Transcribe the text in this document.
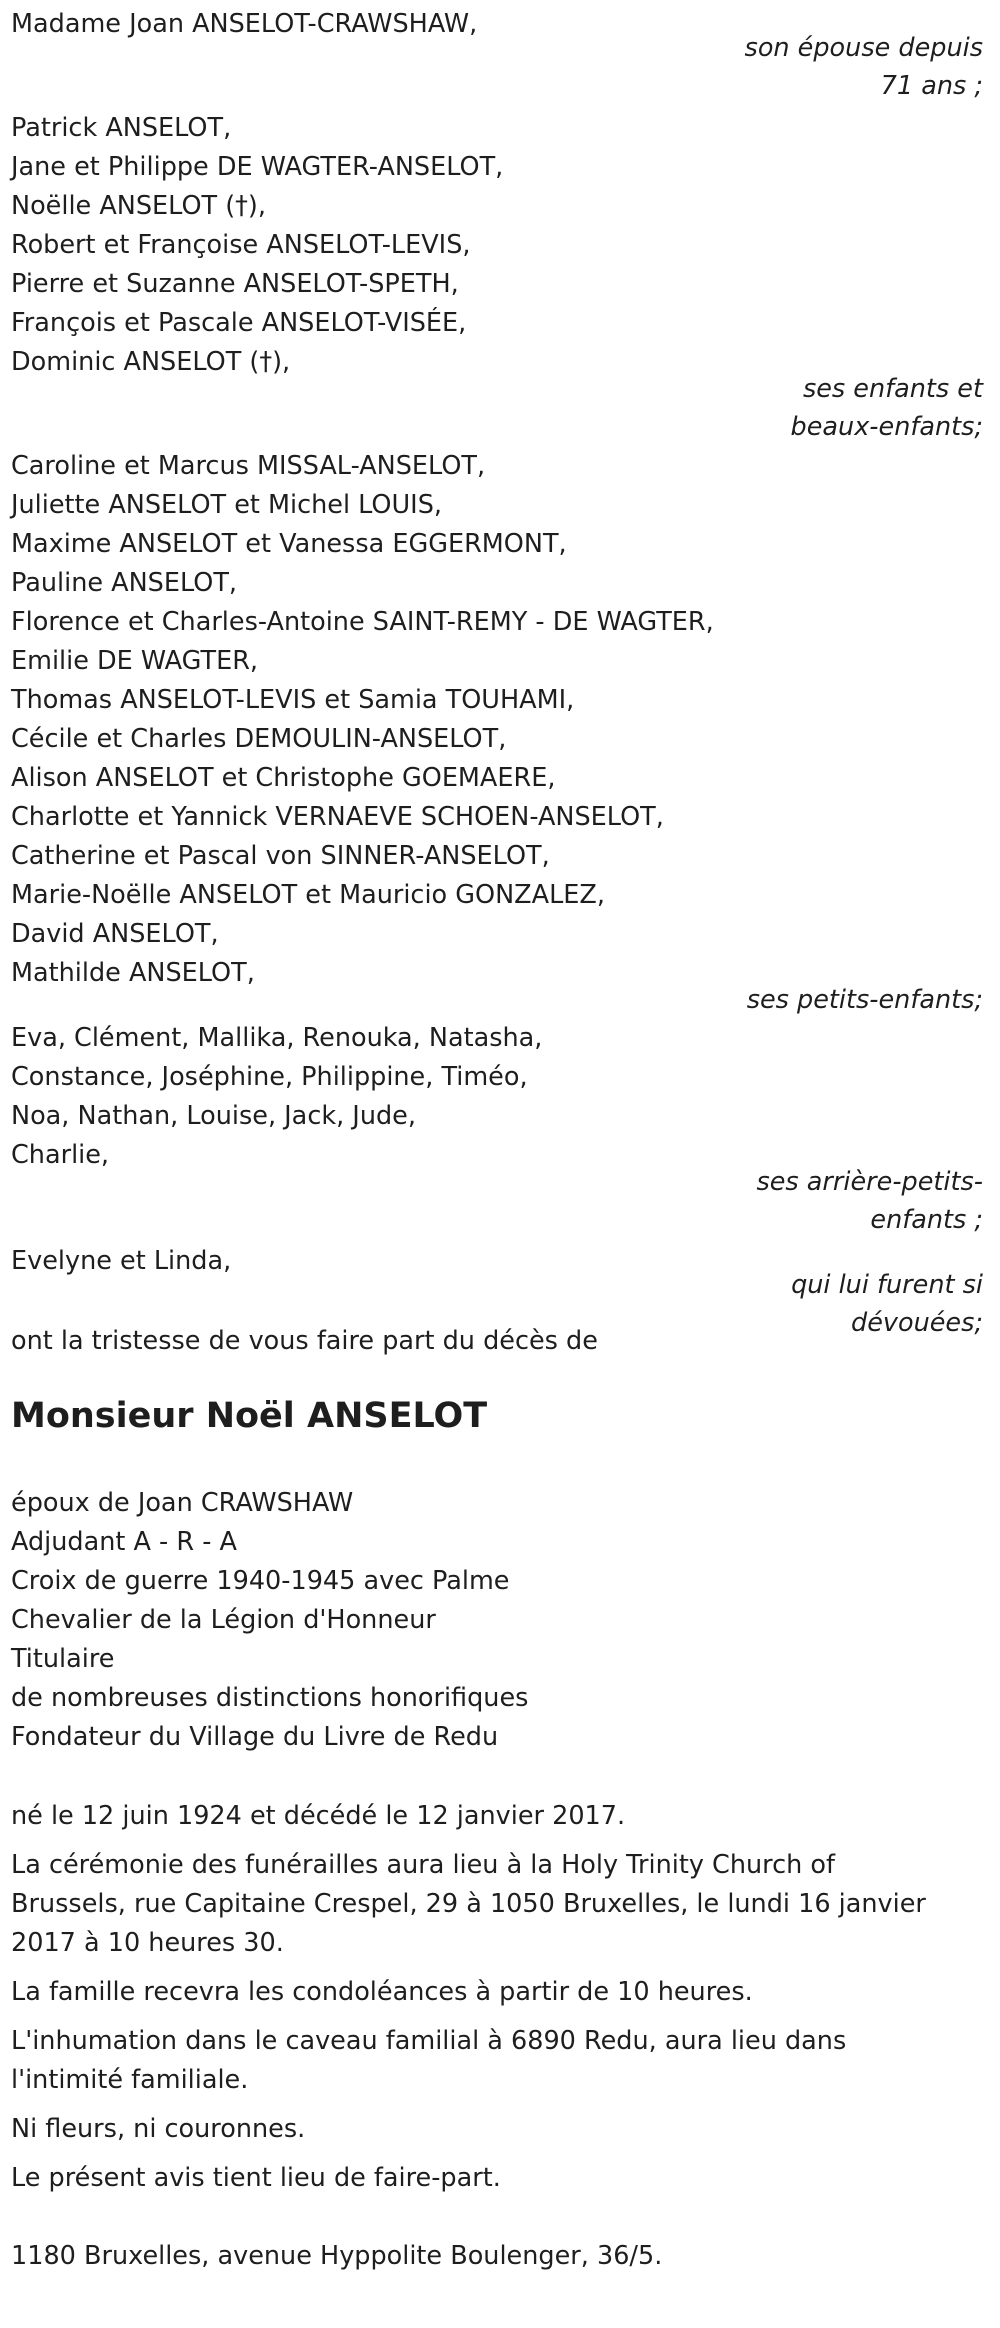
Madame Joan ANSELOT-CRAWSHAW,
son épouse depuis
71 ans ;
Patrick ANSELOT,
Jane et Philippe DE WAGTER-ANSELOT,
Noëlle ANSELOT (†),
Robert et Françoise ANSELOT-LEVIS,
Pierre et Suzanne ANSELOT-SPETH,
François et Pascale ANSELOT-VISÉE,
Dominic ANSELOT (†),
ses enfants et
beaux-enfants;
Caroline et Marcus MISSAL-ANSELOT,
Juliette ANSELOT et Michel LOUIS,
Maxime ANSELOT et Vanessa EGGERMONT,
Pauline ANSELOT,
Florence et Charles-Antoine SAINT-REMY - DE WAGTER,
Emilie DE WAGTER,
Thomas ANSELOT-LEVIS et Samia TOUHAMI,
Cécile et Charles DEMOULIN-ANSELOT,
Alison ANSELOT et Christophe GOEMAERE,
Charlotte et Yannick VERNAEVE SCHOEN-ANSELOT,
Catherine et Pascal von SINNER-ANSELOT,
Marie-Noëlle ANSELOT et Mauricio GONZALEZ,
David ANSELOT,
Mathilde ANSELOT,
ses petits-enfants;
Eva, Clément, Mallika, Renouka, Natasha,
Constance, Joséphine, Philippine, Timéo,
Noa, Nathan, Louise, Jack, Jude,
Charlie,
ses arrière-petits-
enfants ;
Evelyne et Linda,
qui lui furent si
dévouées;
ont la tristesse de vous faire part du décès de
Monsieur Noël ANSELOT
époux de Joan CRAWSHAW
Adjudant A - R - A
Croix de guerre 1940-1945 avec Palme
Chevalier de la Légion d'Honneur
Titulaire
de nombreuses distinctions honorifiques
Fondateur du Village du Livre de Redu
né le 12 juin 1924 et décédé le 12 janvier 2017.
La cérémonie des funérailles aura lieu à la Holy Trinity Church of
Brussels, rue Capitaine Crespel, 29 à 1050 Bruxelles, le lundi 16 janvier
2017 à 10 heures 30.
La famille recevra les condoléances à partir de 10 heures.
L'inhumation dans le caveau familial à 6890 Redu, aura lieu dans
l'intimité familiale.
Ni fleurs, ni couronnes.
Le présent avis tient lieu de faire-part.
1180 Bruxelles, avenue Hyppolite Boulenger, 36/5.
